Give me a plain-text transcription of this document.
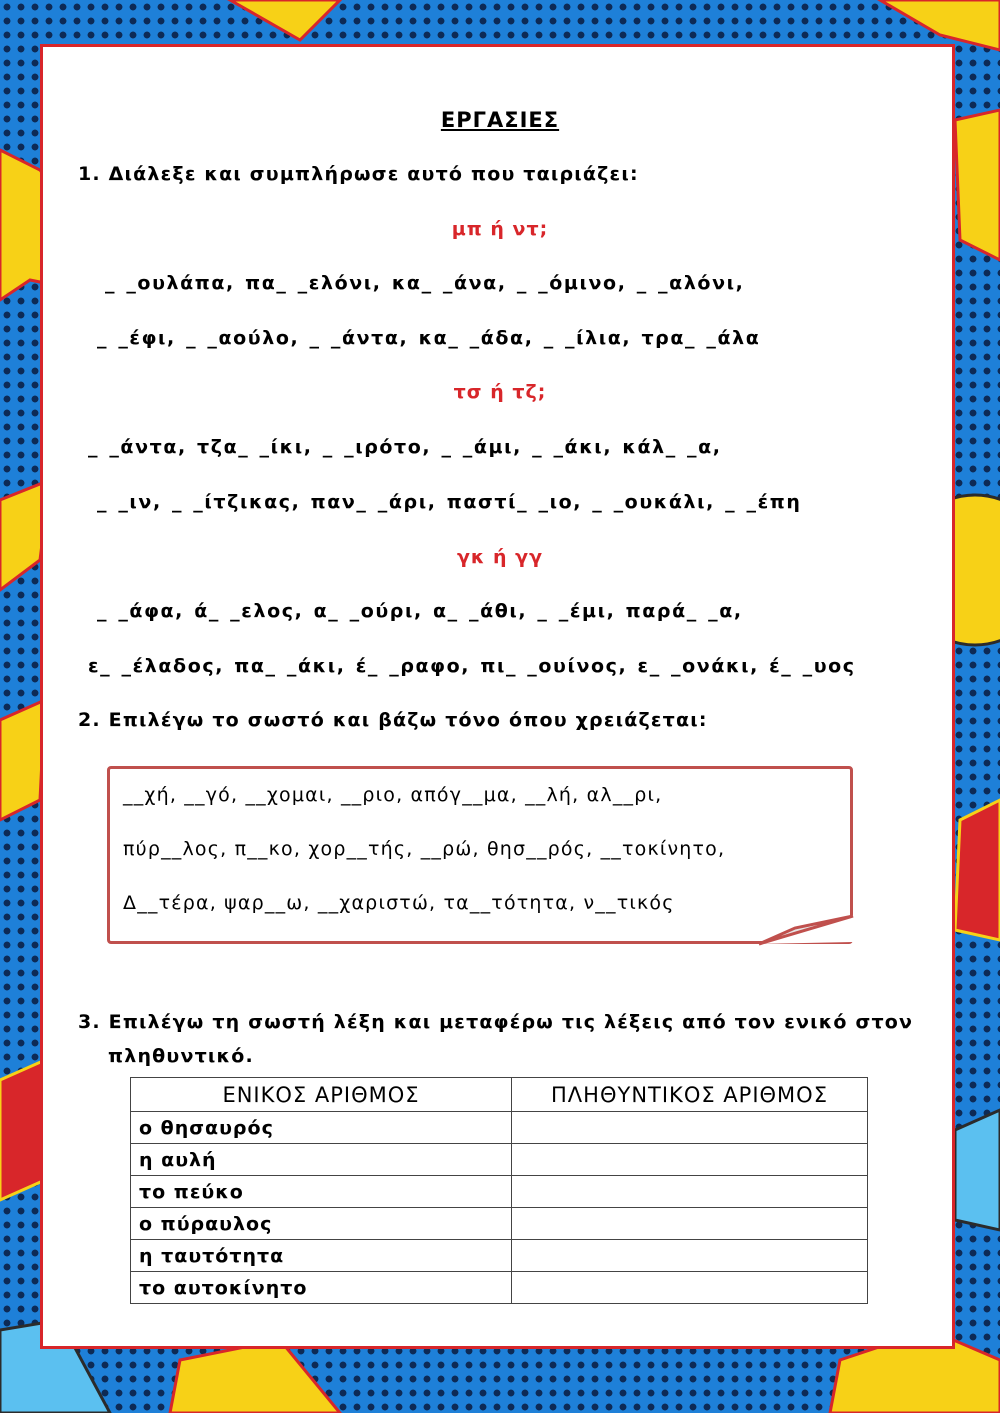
ΕΡΓΑΣΙΕΣ
1. Διάλεξε και συμπλήρωσε αυτό που ταιριάζει:
μπ ή ντ;
_ _ουλάπα, πα_ _ελόνι, κα_ _άνα, _ _όμινο, _ _αλόνι,
_ _έφι, _ _αούλο, _ _άντα, κα_ _άδα, _ _ίλια, τρα_ _άλα
τσ ή τζ;
_ _άντα, τζα_ _ίκι, _ _ιρότο, _ _άμι, _ _άκι, κάλ_ _α,
_ _ιν, _ _ίτζικας, παν_ _άρι, παστί_ _ιο, _ _ουκάλι, _ _έπη
γκ ή γγ
_ _άφα, ά_ _ελος, α_ _ούρι, α_ _άθι, _ _έμι, παρά_ _α,
ε_ _έλαδος, πα_ _άκι, έ_ _ραφο, πι_ _ουίνος, ε_ _ονάκι, έ_ _υος
2. Επιλέγω το σωστό και βάζω τόνο όπου χρειάζεται:
__χή, __γό, __χομαι, __ριο, απόγ__μα, __λή, αλ__ρι,
πύρ__λος, π__κο, χορ__τής, __ρώ, θησ__ρός, __τοκίνητο,
Δ__τέρα, ψαρ__ω, __χαριστώ, τα__τότητα, ν__τικός
3. Επιλέγω τη σωστή λέξη και μεταφέρω τις λέξεις από τον ενικό στον
πληθυντικό.
ΕΝΙΚΟΣ ΑΡΙΘΜΟΣ	ΠΛΗΘΥΝΤΙΚΟΣ ΑΡΙΘΜΟΣ
ο θησαυρός	
η αυλή	
το πεύκο	
ο πύραυλος	
η ταυτότητα	
το αυτοκίνητο	
